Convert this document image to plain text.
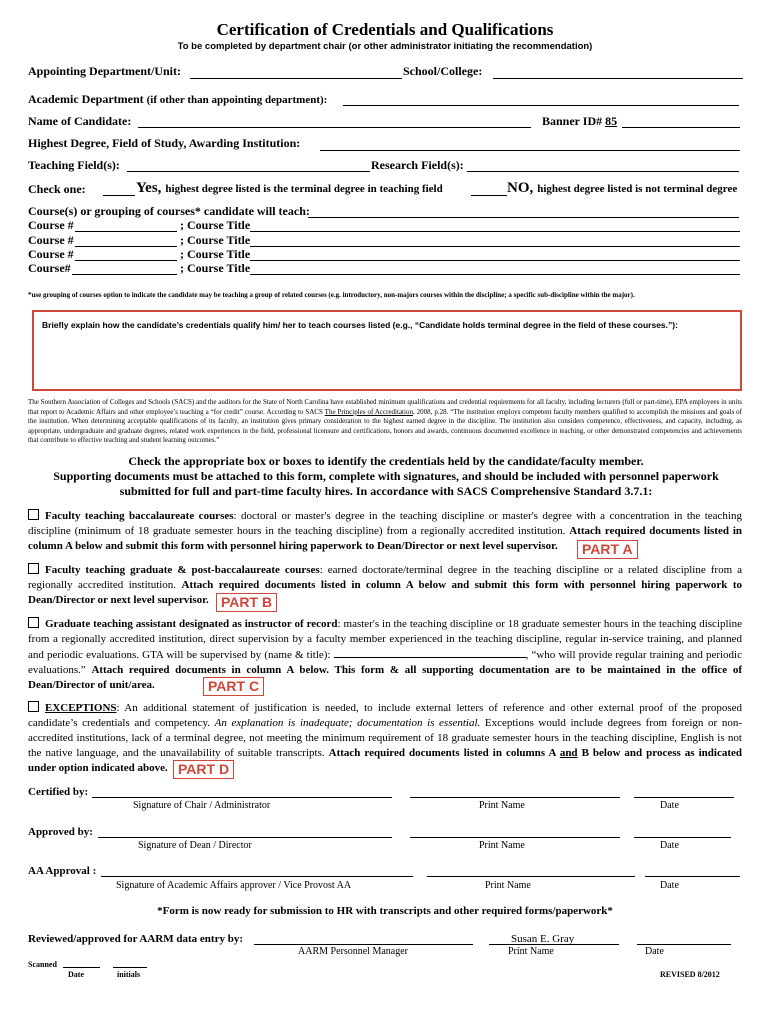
Certification of Credentials and Qualifications
To be completed by department chair (or other administrator initiating the recommendation)
Appointing Department/Unit:	School/College:
Academic Department (if other than appointing department):
Name of Candidate:	Banner ID# 85
Highest Degree, Field of Study, Awarding Institution:
Teaching Field(s):	Research Field(s):
Check one:	Yes, highest degree listed is the terminal degree in teaching field	NO, highest degree listed is not terminal degree
Course(s) or grouping of courses* candidate will teach:
Course #	; Course Title
Course #	; Course Title
Course #	; Course Title
Course#	; Course Title
*use grouping of courses option to indicate the candidate may be teaching a group of related courses (e.g. introductory, non-majors courses within the discipline; a specific sub-discipline within the major).
Briefly explain how the candidate’s credentials qualify him/ her to teach courses listed (e.g., “Candidate holds terminal degree in the field of these courses.”):
The Southern Association of Colleges and Schools (SACS) and the auditors for the State of North Carolina have established minimum qualifications and credential requirements for all faculty, including lecturers (full or part-time), EPA employees in units that report to Academic Affairs and other employee’s teaching a “for credit” course. According to SACS The Principles of Accreditation, 2008, p.28. “The institution employs competent faculty members qualified to accomplish the missions and goals of the institution. When determining acceptable qualifications of its faculty, an institution gives primary consideration to the highest earned degree in the discipline. The institution also considers competence, effectiveness, and capacity, including, as appropriate, undergraduate and graduate degrees, related work experiences in the field, professional licensure and certifications, honors and awards, continuous documented excellence in teaching, or other demonstrated competencies and achievements that contribute to effective teaching and student learning outcomes.”
Check the appropriate box or boxes to identify the credentials held by the candidate/faculty member.
Supporting documents must be attached to this form, complete with signatures, and should be included with personnel paperwork
submitted for full and part-time faculty hires. In accordance with SACS Comprehensive Standard 3.7.1:
Faculty teaching baccalaureate courses: doctoral or master's degree in the teaching discipline or master's degree with a concentration in the teaching discipline (minimum of 18 graduate semester hours in the teaching discipline) from a regionally accredited institution. Attach required documents listed in column A below and submit this form with personnel hiring paperwork to Dean/Director or next level supervisor.	PART A
Faculty teaching graduate & post-baccalaureate courses: earned doctorate/terminal degree in the teaching discipline or a related discipline from a regionally accredited institution. Attach required documents listed in column A below and submit this form with personnel hiring paperwork to Dean/Director or next level supervisor. PART B
Graduate teaching assistant designated as instructor of record: master's in the teaching discipline or 18 graduate semester hours in the teaching discipline from a regionally accredited institution, direct supervision by a faculty member experienced in the teaching discipline, regular in-service training, and planned and periodic evaluations. GTA will be supervised by (name & title):	, “who will provide regular training and periodic evaluations.” Attach required documents in column A below. This form & all supporting documentation are to be maintained in the office of Dean/Director of unit/area.	PART C
EXCEPTIONS: An additional statement of justification is needed, to include external letters of reference and other external proof of the proposed candidate’s credentials and competency. An explanation is inadequate; documentation is essential. Exceptions would include degrees from foreign or non-accredited institutions, lack of a terminal degree, not meeting the minimum requirement of 18 graduate semester hours in the teaching discipline, English is not the native language, and the unavailability of suitable transcripts. Attach required documents listed in columns A and B below and process as indicated under option indicated above. PART D
Certified by:
Signature of Chair / Administrator	Print Name	Date
Approved by:
Signature of Dean / Director	Print Name	Date
AA Approval :
Signature of Academic Affairs approver / Vice Provost AA	Print Name	Date
*Form is now ready for submission to HR with transcripts and other required forms/paperwork*
Reviewed/approved for AARM data entry by:	Susan E. Gray
AARM Personnel Manager	Print Name	Date
Scanned
Date	initials	REVISED 8/2012
